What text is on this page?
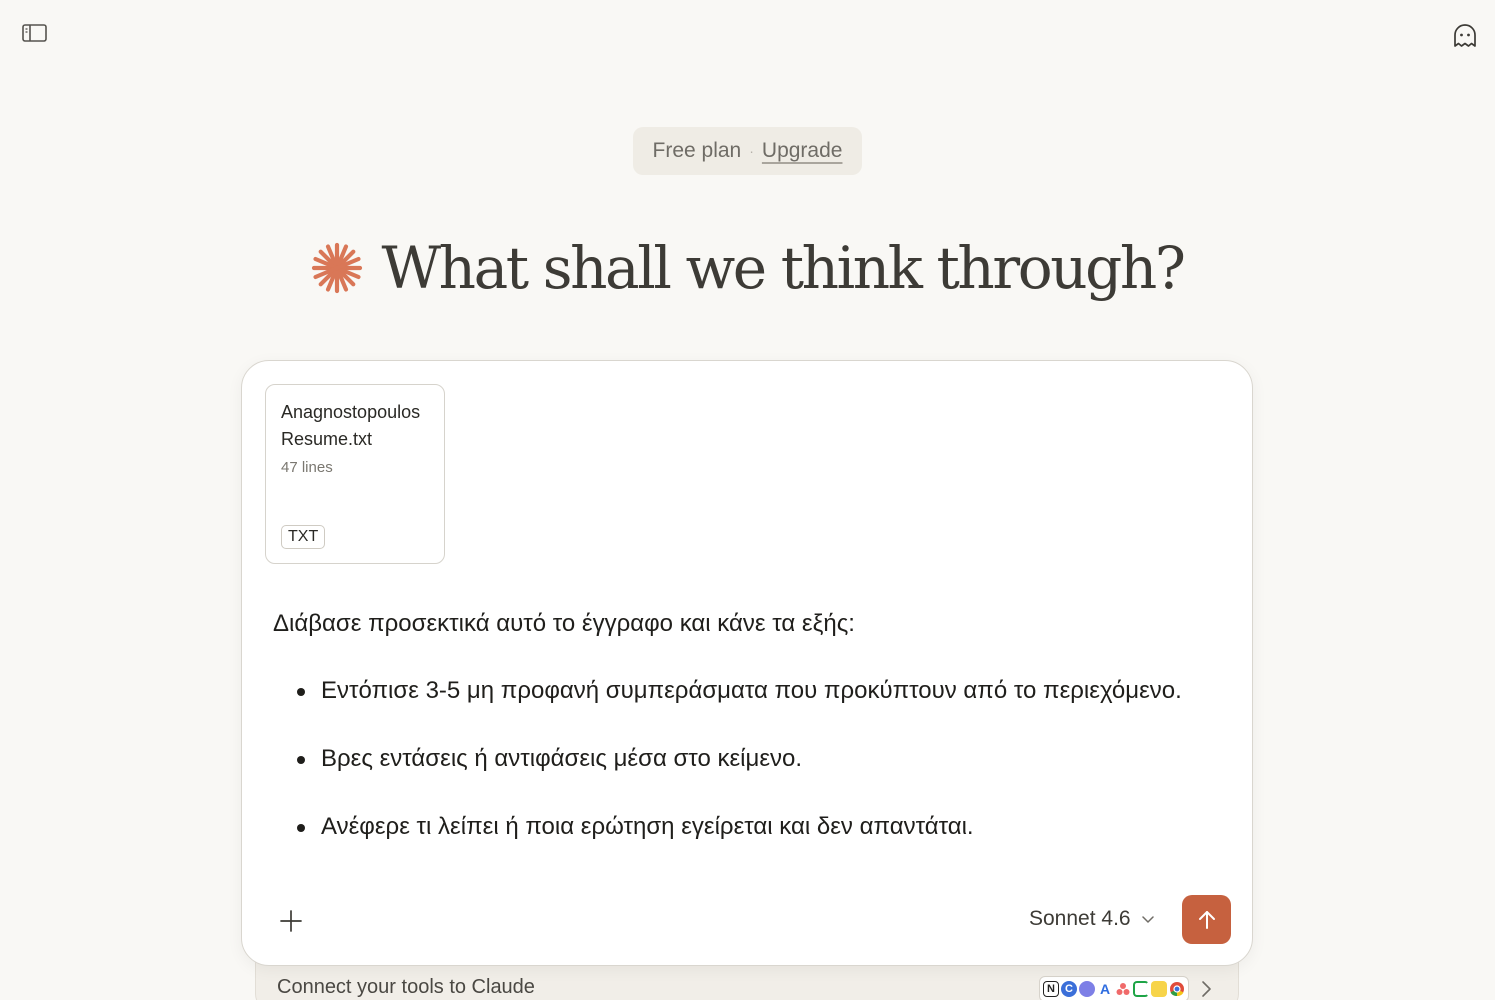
Free plan · Upgrade
What shall we think through?
AnagnostopoulosResume.txt
47 lines
TXT
Διάβασε προσεκτικά αυτό το έγγραφο και κάνε τα εξής:
Εντόπισε 3-5 μη προφανή συμπεράσματα που προκύπτουν από το περιεχόμενο.
Βρες εντάσεις ή αντιφάσεις μέσα στο κείμενο.
Ανέφερε τι λείπει ή ποια ερώτηση εγείρεται και δεν απαντάται.
Sonnet 4.6
Connect your tools to Claude	N C A
